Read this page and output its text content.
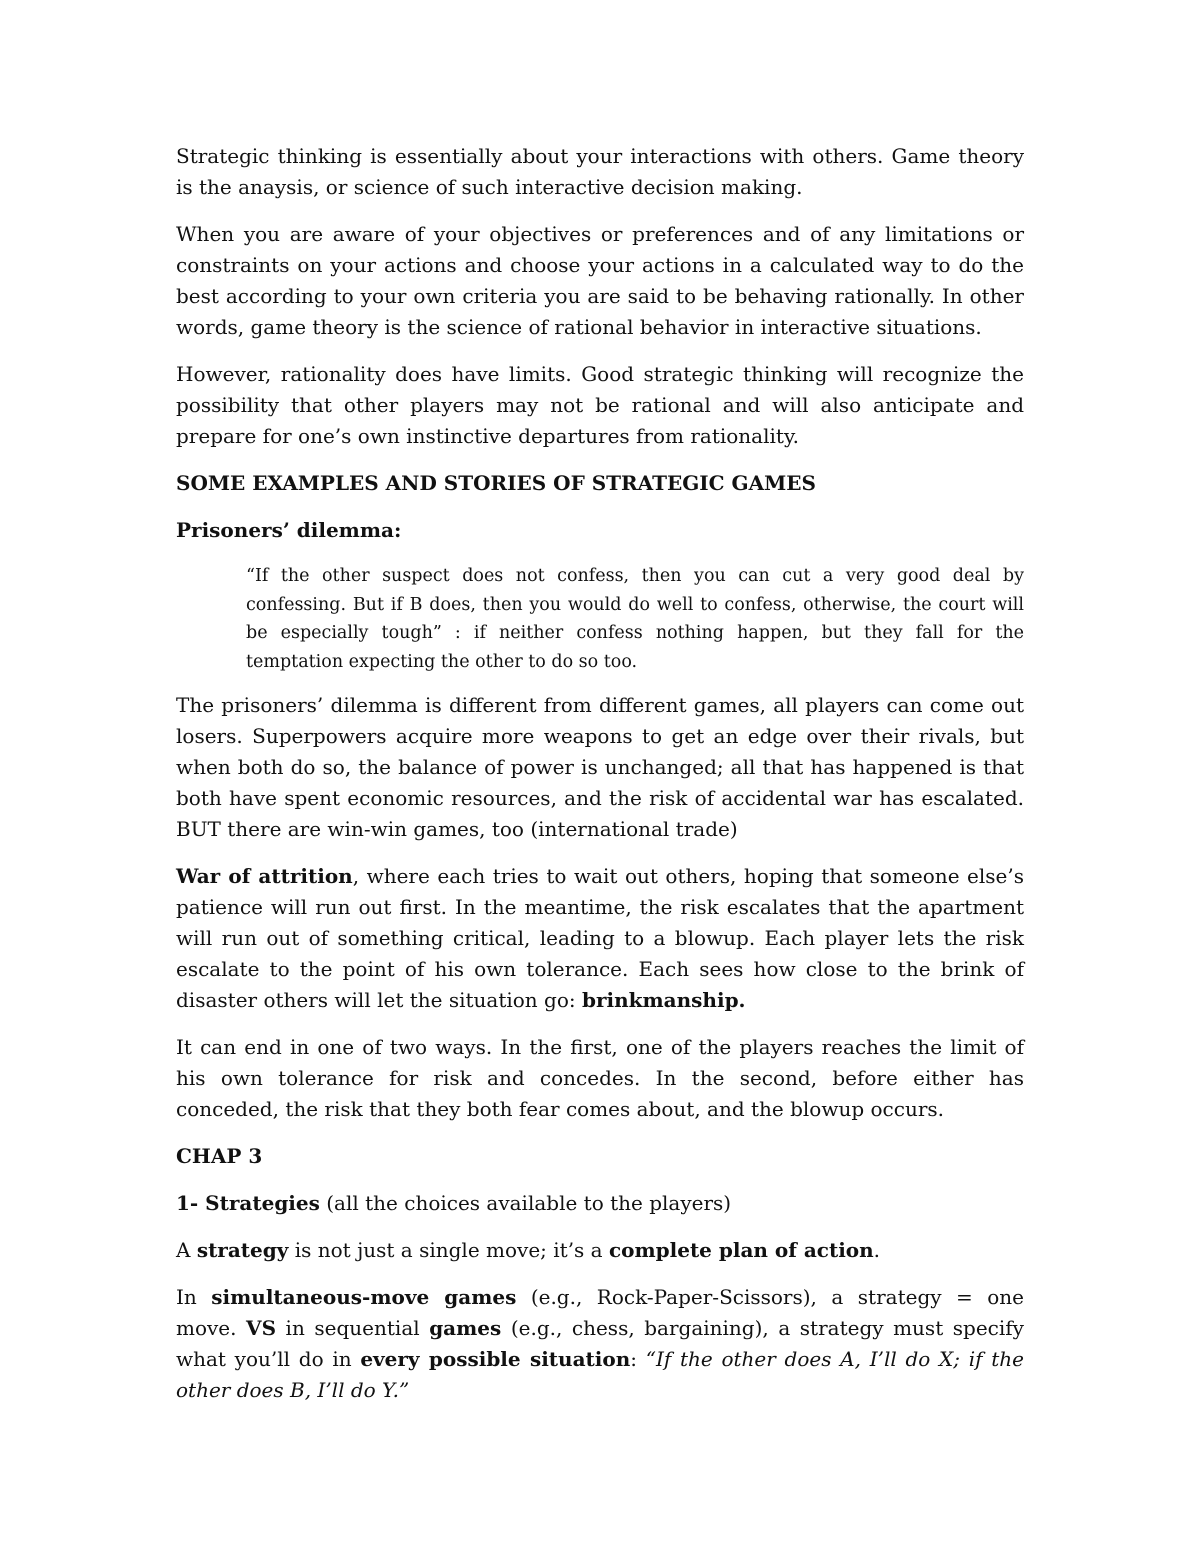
Strategic thinking is essentially about your interactions with others. Game theory is the anaysis, or science of such interactive decision making.

When you are aware of your objectives or preferences and of any limitations or constraints on your actions and choose your actions in a calculated way to do the best according to your own criteria you are said to be behaving rationally. In other words, game theory is the science of rational behavior in interactive situations.

However, rationality does have limits. Good strategic thinking will recognize the possibility that other players may not be rational and will also anticipate and prepare for one’s own instinctive departures from rationality.

SOME EXAMPLES AND STORIES OF STRATEGIC GAMES

Prisoners’ dilemma:

“If the other suspect does not confess, then you can cut a very good deal by confessing. But if B does, then you would do well to confess, otherwise, the court will be especially tough” : if neither confess nothing happen, but they fall for the temptation expecting the other to do so too.

The prisoners’ dilemma is different from different games, all players can come out losers. Superpowers acquire more weapons to get an edge over their rivals, but when both do so, the balance of power is unchanged; all that has happened is that both have spent economic resources, and the risk of accidental war has escalated. BUT there are win-win games, too (international trade)

War of attrition, where each tries to wait out others, hoping that someone else’s patience will run out first. In the meantime, the risk escalates that the apartment will run out of something critical, leading to a blowup. Each player lets the risk escalate to the point of his own tolerance. Each sees how close to the brink of disaster others will let the situation go: brinkmanship.

It can end in one of two ways. In the first, one of the players reaches the limit of his own tolerance for risk and concedes. In the second, before either has conceded, the risk that they both fear comes about, and the blowup occurs.

CHAP 3

1- Strategies (all the choices available to the players)

A strategy is not just a single move; it’s a complete plan of action.

In simultaneous-move games (e.g., Rock-Paper-Scissors), a strategy = one move. VS in sequential games (e.g., chess, bargaining), a strategy must specify what you’ll do in every possible situation: “If the other does A, I’ll do X; if the other does B, I’ll do Y.”
